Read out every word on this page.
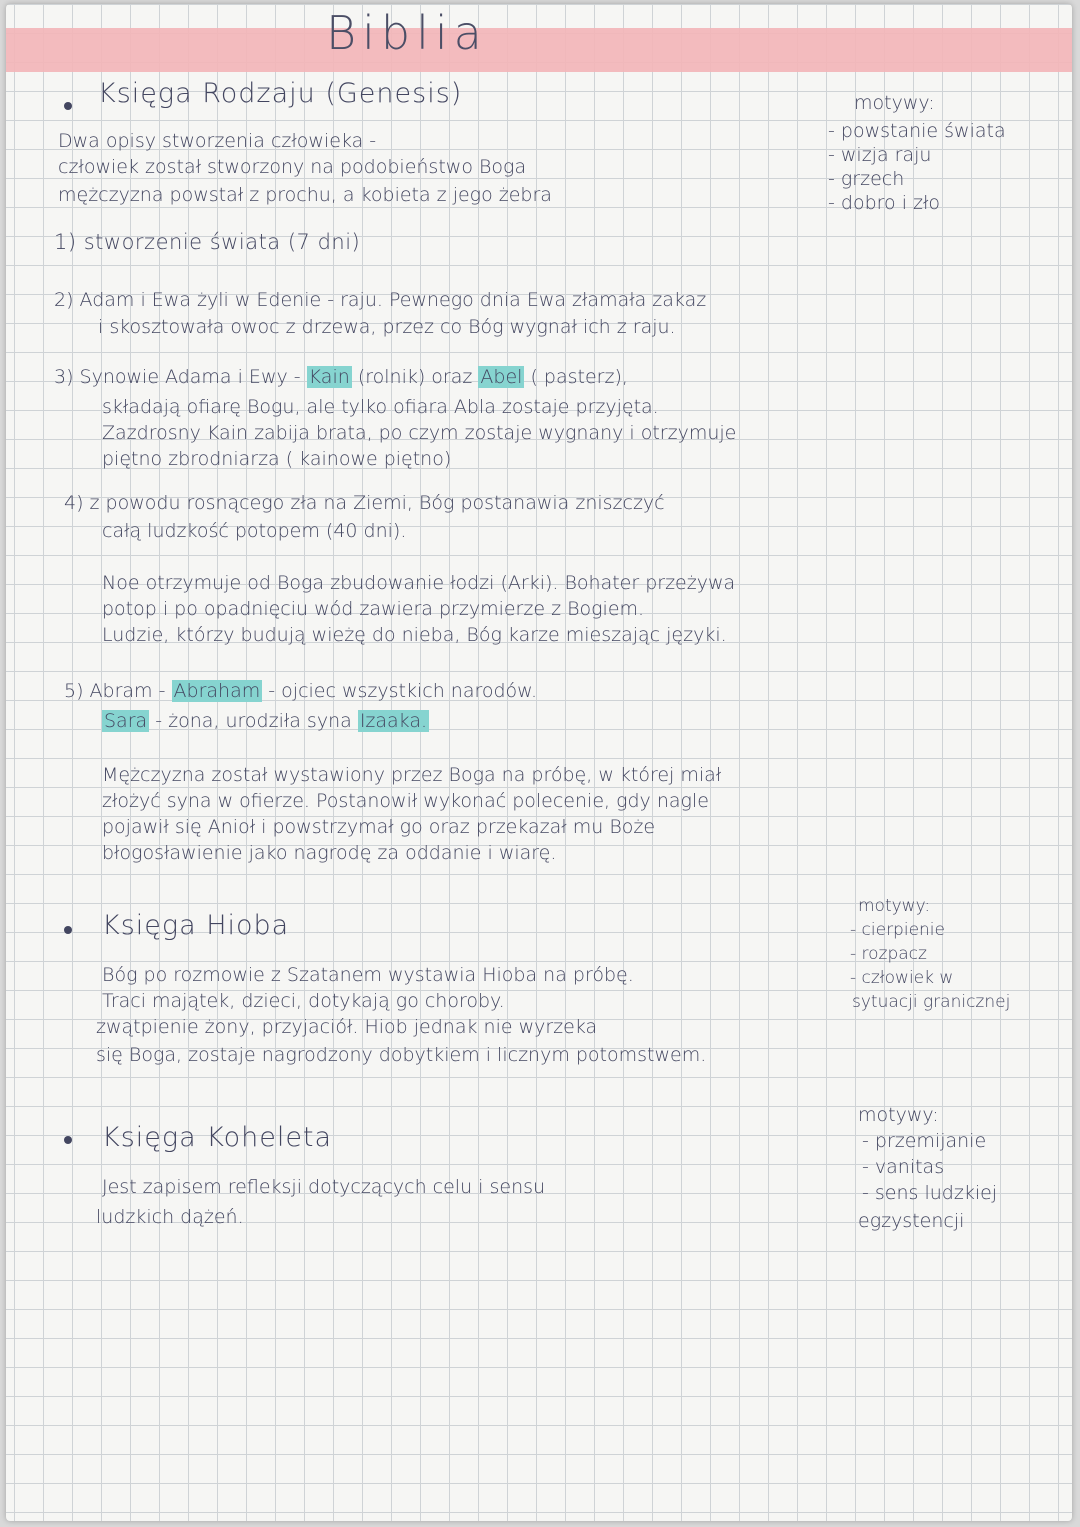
Biblia
Księga Rodzaju (Genesis)
Dwa opisy stworzenia człowieka -
człowiek został stworzony na podobieństwo Boga
mężczyzna powstał z prochu, a kobieta z jego żebra
motywy:
- powstanie świata
- wizja raju
- grzech
- dobro i zło
1) stworzenie świata (7 dni)
2) Adam i Ewa żyli w Edenie - raju. Pewnego dnia Ewa złamała zakaz
i skosztowała owoc z drzewa, przez co Bóg wygnał ich z raju.
3) Synowie Adama i Ewy - Kain (rolnik) oraz Abel ( pasterz),
składają ofiarę Bogu, ale tylko ofiara Abla zostaje przyjęta.
Zazdrosny Kain zabija brata, po czym zostaje wygnany i otrzymuje
piętno zbrodniarza ( kainowe piętno)
4) z powodu rosnącego zła na Ziemi, Bóg postanawia zniszczyć
całą ludzkość potopem (40 dni).
Noe otrzymuje od Boga zbudowanie łodzi (Arki). Bohater przeżywa
potop i po opadnięciu wód zawiera przymierze z Bogiem.
Ludzie, którzy budują wieżę do nieba, Bóg karze mieszając języki.
5) Abram - Abraham - ojciec wszystkich narodów.
Sara - żona, urodziła syna Izaaka.
Mężczyzna został wystawiony przez Boga na próbę, w której miał
złożyć syna w ofierze. Postanowił wykonać polecenie, gdy nagle
pojawił się Anioł i powstrzymał go oraz przekazał mu Boże
błogosławienie jako nagrodę za oddanie i wiarę.
Księga Hioba
motywy:
- cierpienie
- rozpacz
- człowiek w
sytuacji granicznej
Bóg po rozmowie z Szatanem wystawia Hioba na próbę.
Traci majątek, dzieci, dotykają go choroby.
zwątpienie żony, przyjaciół. Hiob jednak nie wyrzeka
się Boga, zostaje nagrodzony dobytkiem i licznym potomstwem.
Księga Koheleta
motywy:
- przemijanie
- vanitas
- sens ludzkiej
egzystencji
Jest zapisem refleksji dotyczących celu i sensu
ludzkich dążeń.
